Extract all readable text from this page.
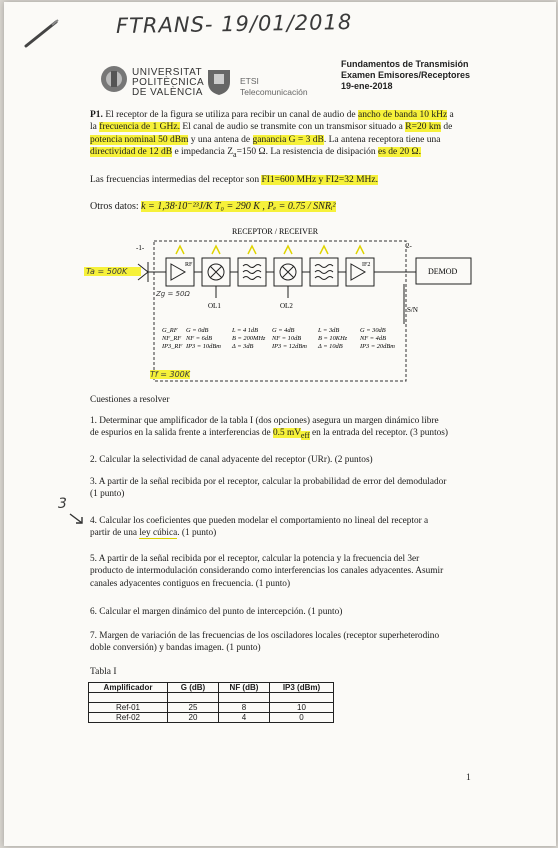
FTRANS- 19/01/2018
UNIVERSITAT
POLITÈCNICA
DE VALÈNCIA
ETSI
Telecomunicación
Fundamentos de Transmisión
Examen Emisores/Receptores
19-ene-2018
P1. El receptor de la figura se utiliza para recibir un canal de audio de ancho de banda 10 kHz a
la frecuencia de 1 GHz. El canal de audio se transmite con un transmisor situado a R=20 km de
potencia nominal 50 dBm y una antena de ganancia G = 3 dB. La antena receptora tiene una
directividad de 12 dB e impedancia $Z_a=150$ Ω. La resistencia de disipación es de 20 Ω.
Las frecuencias intermedias del receptor son FI1=600 MHz y FI2=32 MHz.
Otros datos: k = 1,38·10⁻²³J/K T₀ = 290 K , Pₑ = 0.75 / SNRᵢ²
RECEPTOR / RECEIVER
-1-	2-
RF
OL1	OL2
IF2
DEMOD
S/N
G_RF
NF_RF
IP3_RF
G = 0dB
NF = 6dB
IP3 = 10dBm
L = 4 1dB
B = 200MHz
Δ = 3dB
G = 4dB
NF = 10dB
IP3 = 12dBm
L = 3dB
B = 10KHz
Δ = 10dB
G = 30dB
NF = 4dB
IP3 = 20dBm
Ta = 500K
Zg = 50Ω
Tf = 300K
Cuestiones a resolver
1. Determinar que amplificador de la tabla I (dos opciones) asegura un margen dinámico libre
de espurios en la salida frente a interferencias de 0.5 $mV_{eff}$ en la entrada del receptor. (3 puntos)
2. Calcular la selectividad de canal adyacente del receptor (URr). (2 puntos)
3. A partir de la señal recibida por el receptor, calcular la probabilidad de error del demodulador
(1 punto)
3
4. Calcular los coeficientes que pueden modelar el comportamiento no lineal del receptor a
partir de una ley cúbica. (1 punto)
5. A partir de la señal recibida por el receptor, calcular la potencia y la frecuencia del 3er
producto de intermodulación considerando como interferencias los canales adyacentes. Asumir
canales adyacentes contiguos en frecuencia. (1 punto)
6. Calcular el margen dinámico del punto de intercepción. (1 punto)
7. Margen de variación de las frecuencias de los osciladores locales (receptor superheterodino
doble conversión) y bandas imagen. (1 punto)
Tabla I
Amplificador	G (dB)	NF (dB)	IP3 (dBm)

Ref-01	25	8	10
Ref-02	20	4	0
1
